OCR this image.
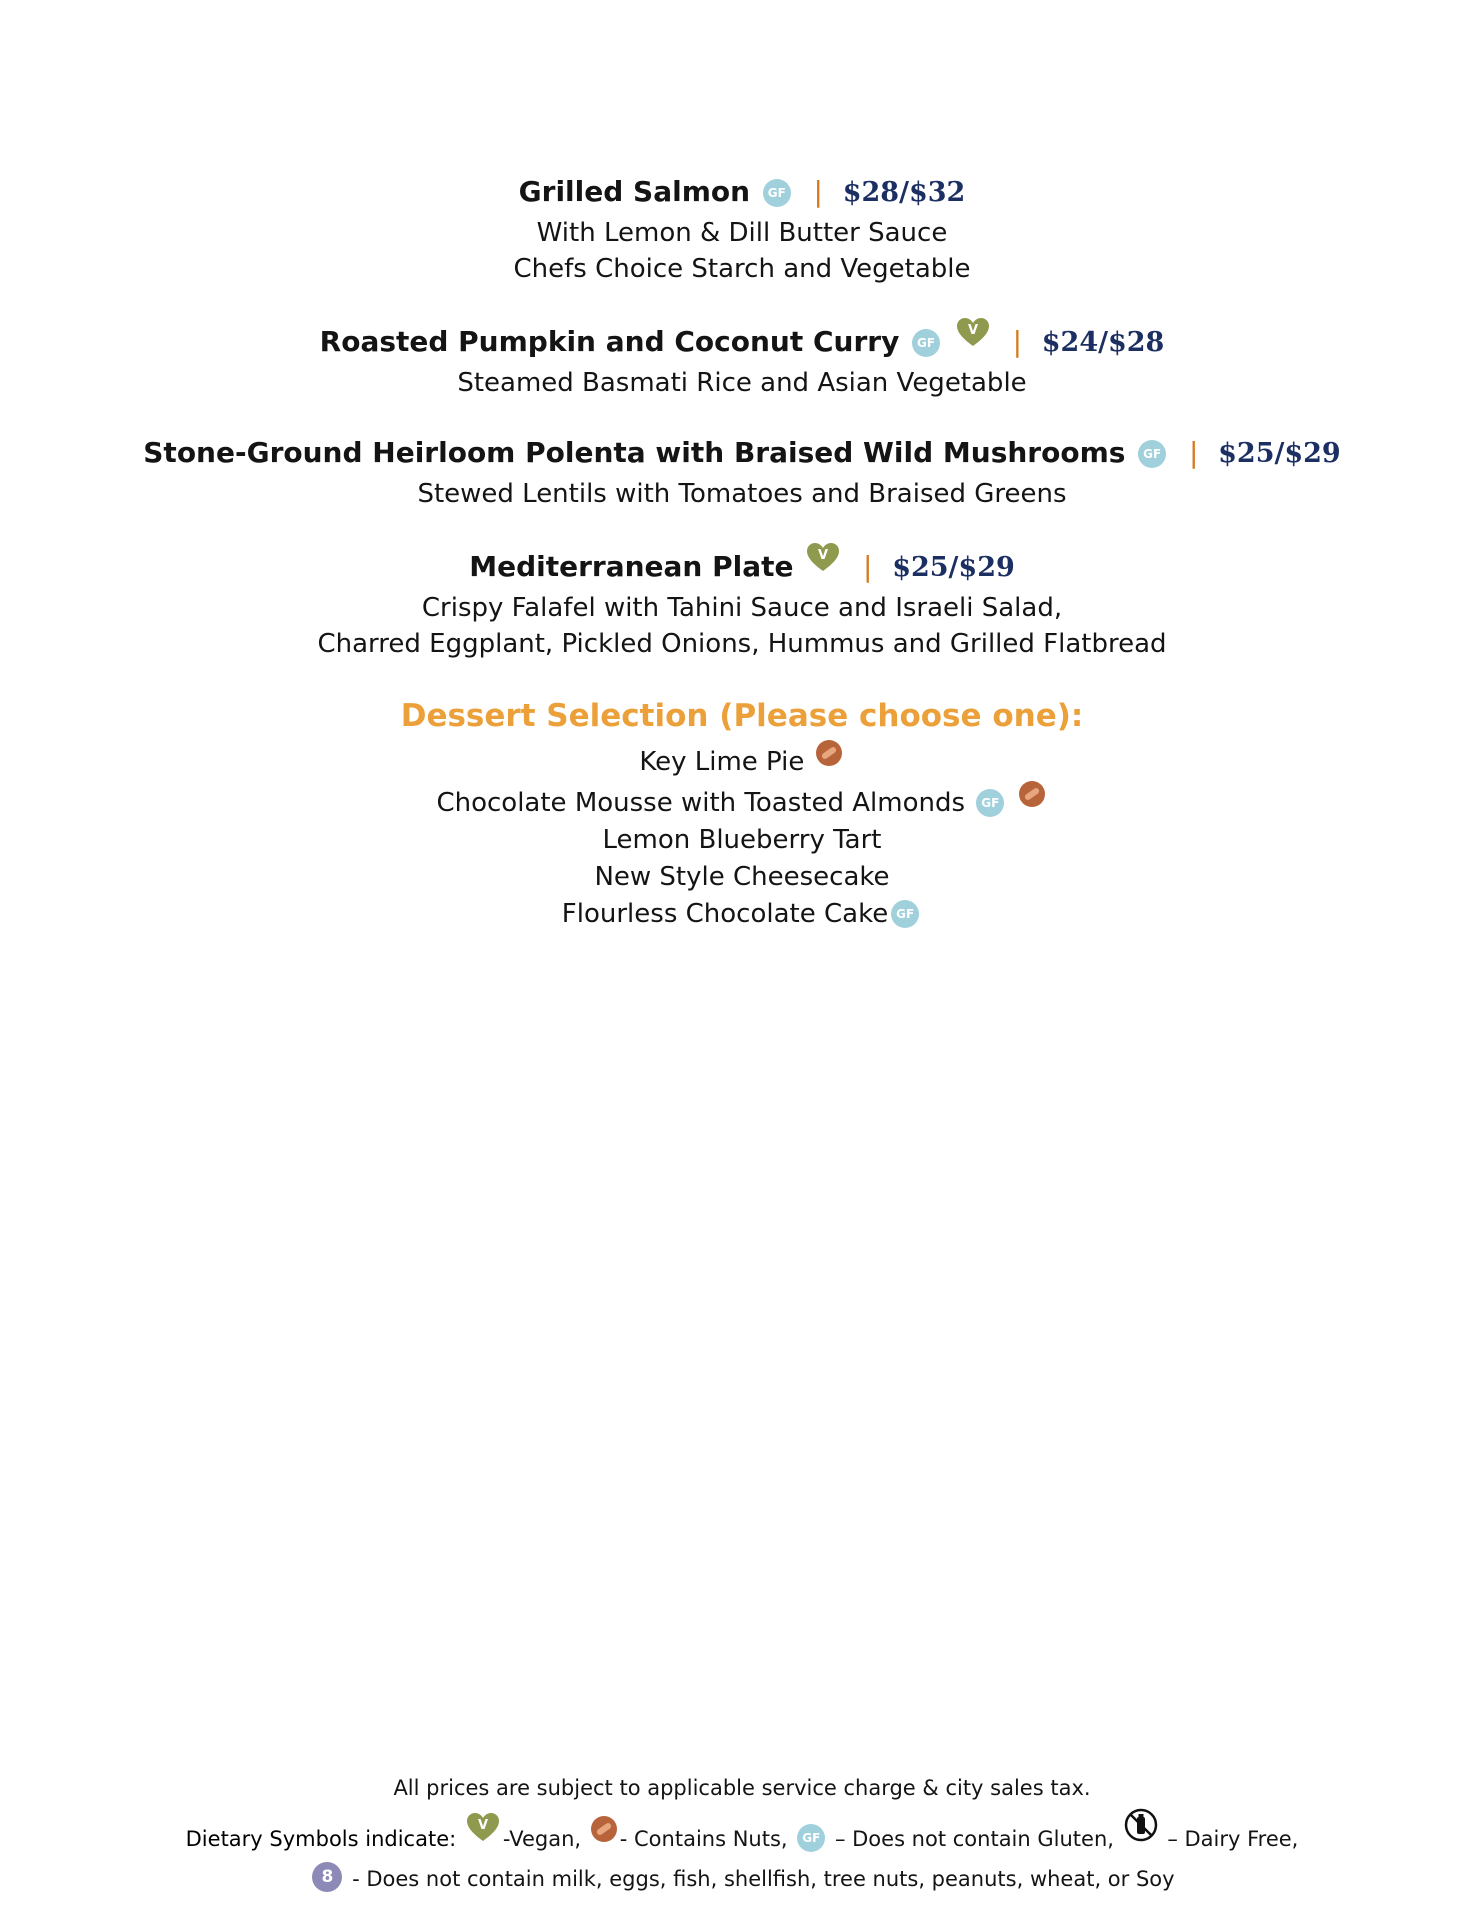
Grilled Salmon GF | $28/$32
With Lemon & Dill Butter Sauce
Chefs Choice Starch and Vegetable
Roasted Pumpkin and Coconut Curry GF
V | $24/$28
Steamed Basmati Rice and Asian Vegetable
Stone-Ground Heirloom Polenta with Braised Wild Mushrooms GF | $25/$29
Stewed Lentils with Tomatoes and Braised Greens
Mediterranean Plate V | $25/$29
Crispy Falafel with Tahini Sauce and Israeli Salad,
Charred Eggplant, Pickled Onions, Hummus and Grilled Flatbread
Dessert Selection (Please choose one):
Key Lime Pie
Chocolate Mousse with Toasted Almonds GF
Lemon Blueberry Tart
New Style Cheesecake
Flourless Chocolate Cake GF
All prices are subject to applicable service charge & city sales tax.
Dietary Symbols indicate:
V
-Vegan, - Contains Nuts, GF – Does not contain Gluten,	– Dairy Free,
8 - Does not contain milk, eggs, fish, shellfish, tree nuts, peanuts, wheat, or Soy
